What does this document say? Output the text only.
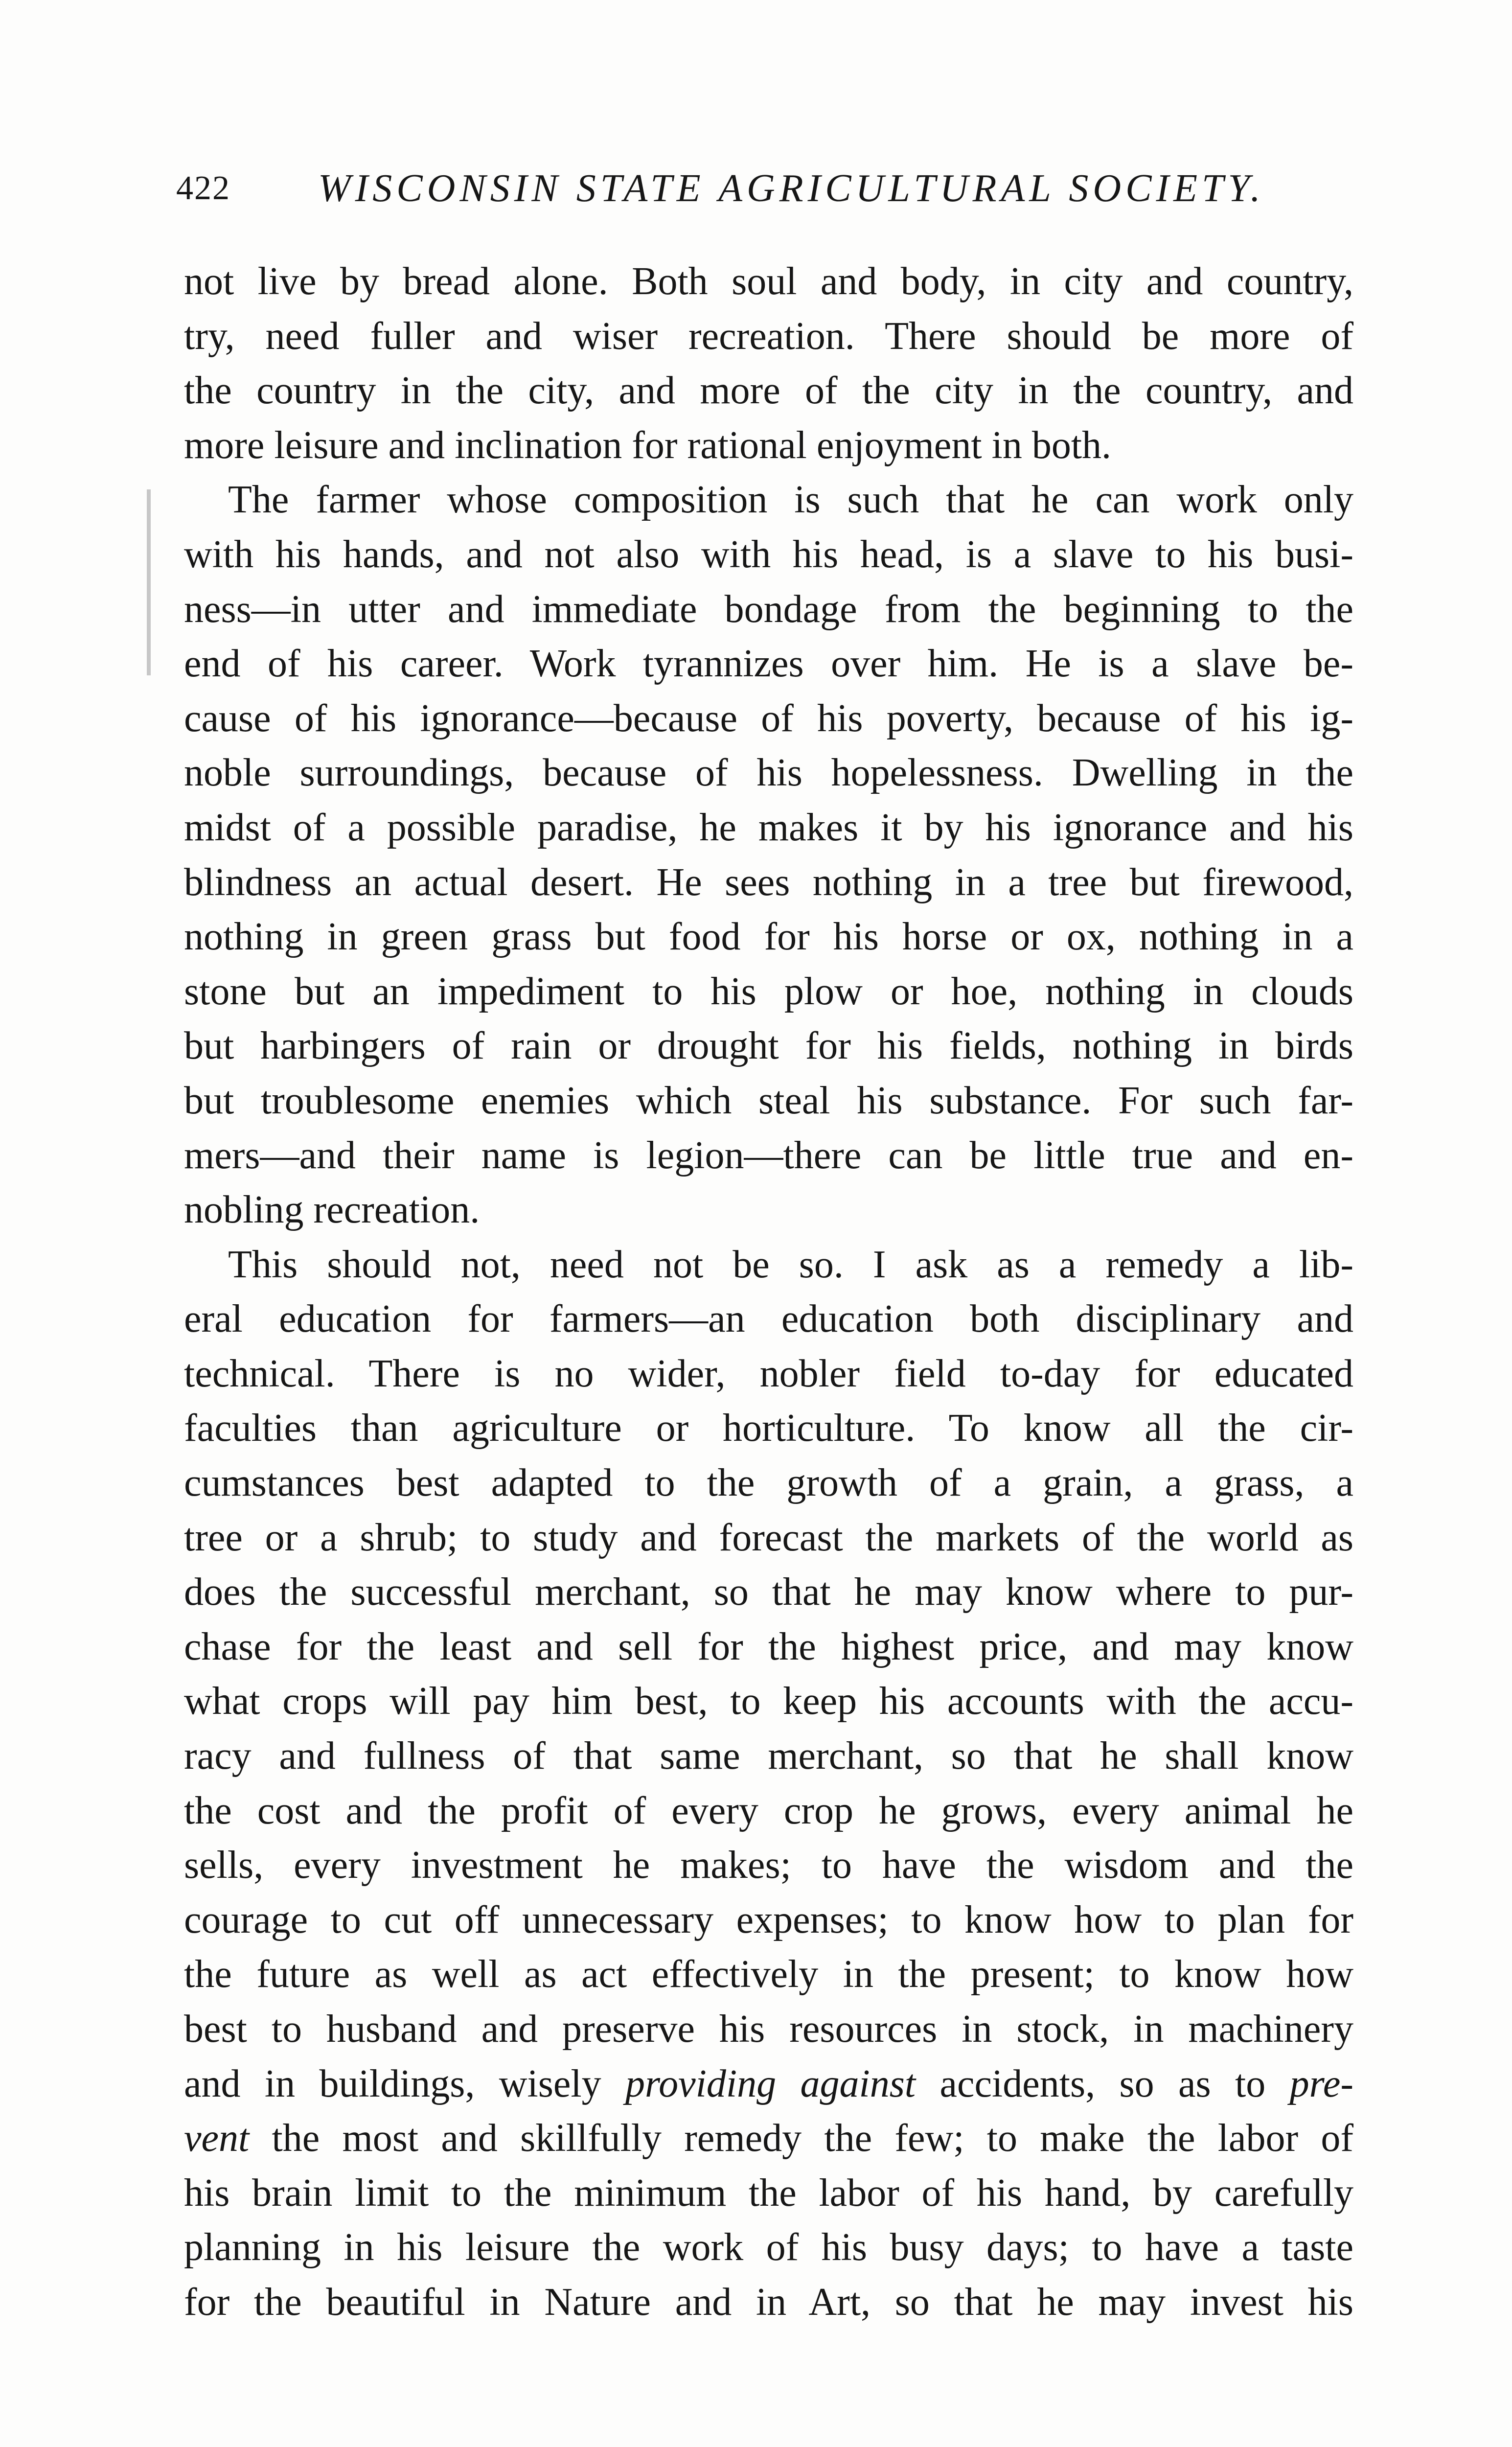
422 WISCONSIN STATE AGRICULTURAL SOCIETY.
not live by bread alone. Both soul and body, in city and country,
try, need fuller and wiser recreation. There should be more of
the country in the city, and more of the city in the country, and
more leisure and inclination for rational enjoyment in both.
The farmer whose composition is such that he can work only
with his hands, and not also with his head, is a slave to his busi-
ness—in utter and immediate bondage from the beginning to the
end of his career. Work tyrannizes over him. He is a slave be-
cause of his ignorance—because of his poverty, because of his ig-
noble surroundings, because of his hopelessness. Dwelling in the
midst of a possible paradise, he makes it by his ignorance and his
blindness an actual desert. He sees nothing in a tree but firewood,
nothing in green grass but food for his horse or ox, nothing in a
stone but an impediment to his plow or hoe, nothing in clouds
but harbingers of rain or drought for his fields, nothing in birds
but troublesome enemies which steal his substance. For such far-
mers—and their name is legion—there can be little true and en-
nobling recreation.
This should not, need not be so. I ask as a remedy a lib-
eral education for farmers—an education both disciplinary and
technical. There is no wider, nobler field to-day for educated
faculties than agriculture or horticulture. To know all the cir-
cumstances best adapted to the growth of a grain, a grass, a
tree or a shrub; to study and forecast the markets of the world as
does the successful merchant, so that he may know where to pur-
chase for the least and sell for the highest price, and may know
what crops will pay him best, to keep his accounts with the accu-
racy and fullness of that same merchant, so that he shall know
the cost and the profit of every crop he grows, every animal he
sells, every investment he makes; to have the wisdom and the
courage to cut off unnecessary expenses; to know how to plan for
the future as well as act effectively in the present; to know how
best to husband and preserve his resources in stock, in machinery
and in buildings, wisely providing against accidents, so as to pre-
vent the most and skillfully remedy the few; to make the labor of
his brain limit to the minimum the labor of his hand, by carefully
planning in his leisure the work of his busy days; to have a taste
for the beautiful in Nature and in Art, so that he may invest his
